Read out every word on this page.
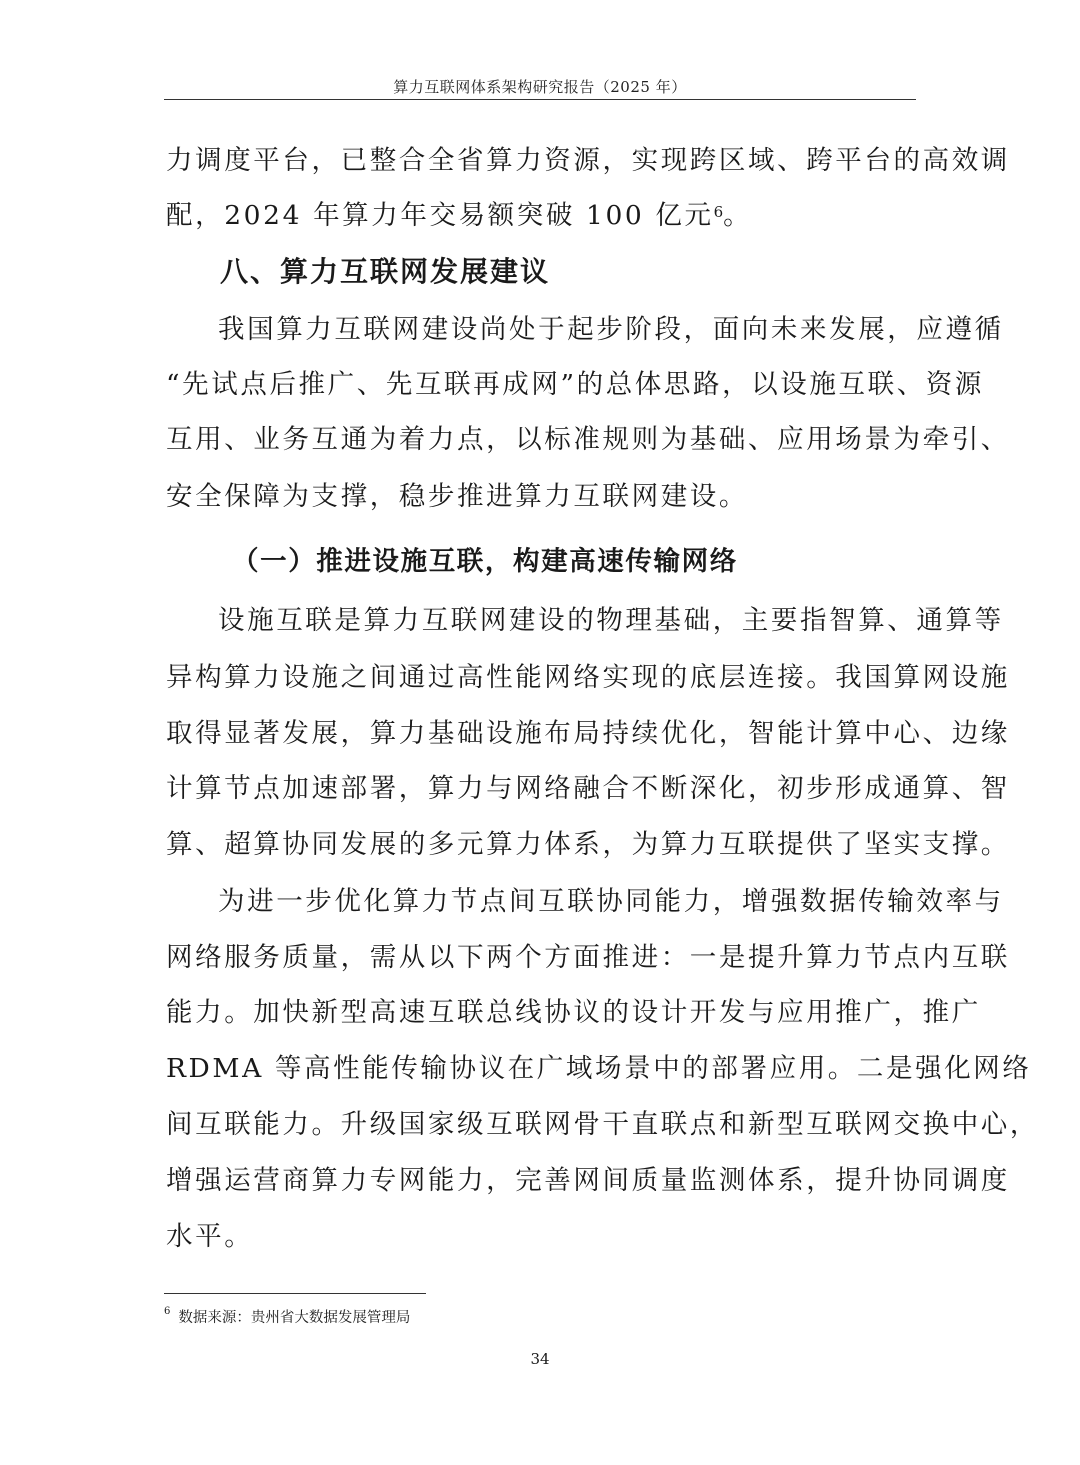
算力互联网体系架构研究报告（2025 年）
力调度平台，已整合全省算力资源，实现跨区域、跨平台的高效调
配，2024 年算力年交易额突破 100 亿元$^6$。
八、算力互联网发展建议
我国算力互联网建设尚处于起步阶段，面向未来发展，应遵循
“先试点后推广、先互联再成网”的总体思路，以设施互联、资源
互用、业务互通为着力点，以标准规则为基础、应用场景为牵引、
安全保障为支撑，稳步推进算力互联网建设。
（一）推进设施互联，构建高速传输网络
设施互联是算力互联网建设的物理基础，主要指智算、通算等
异构算力设施之间通过高性能网络实现的底层连接。我国算网设施
取得显著发展，算力基础设施布局持续优化，智能计算中心、边缘
计算节点加速部署，算力与网络融合不断深化，初步形成通算、智
算、超算协同发展的多元算力体系，为算力互联提供了坚实支撑。
为进一步优化算力节点间互联协同能力，增强数据传输效率与
网络服务质量，需从以下两个方面推进：一是提升算力节点内互联
能力。加快新型高速互联总线协议的设计开发与应用推广，推广
RDMA 等高性能传输协议在广域场景中的部署应用。二是强化网络
间互联能力。升级国家级互联网骨干直联点和新型互联网交换中心，
增强运营商算力专网能力，完善网间质量监测体系，提升协同调度
水平。
$^6$ 数据来源：贵州省大数据发展管理局
34
